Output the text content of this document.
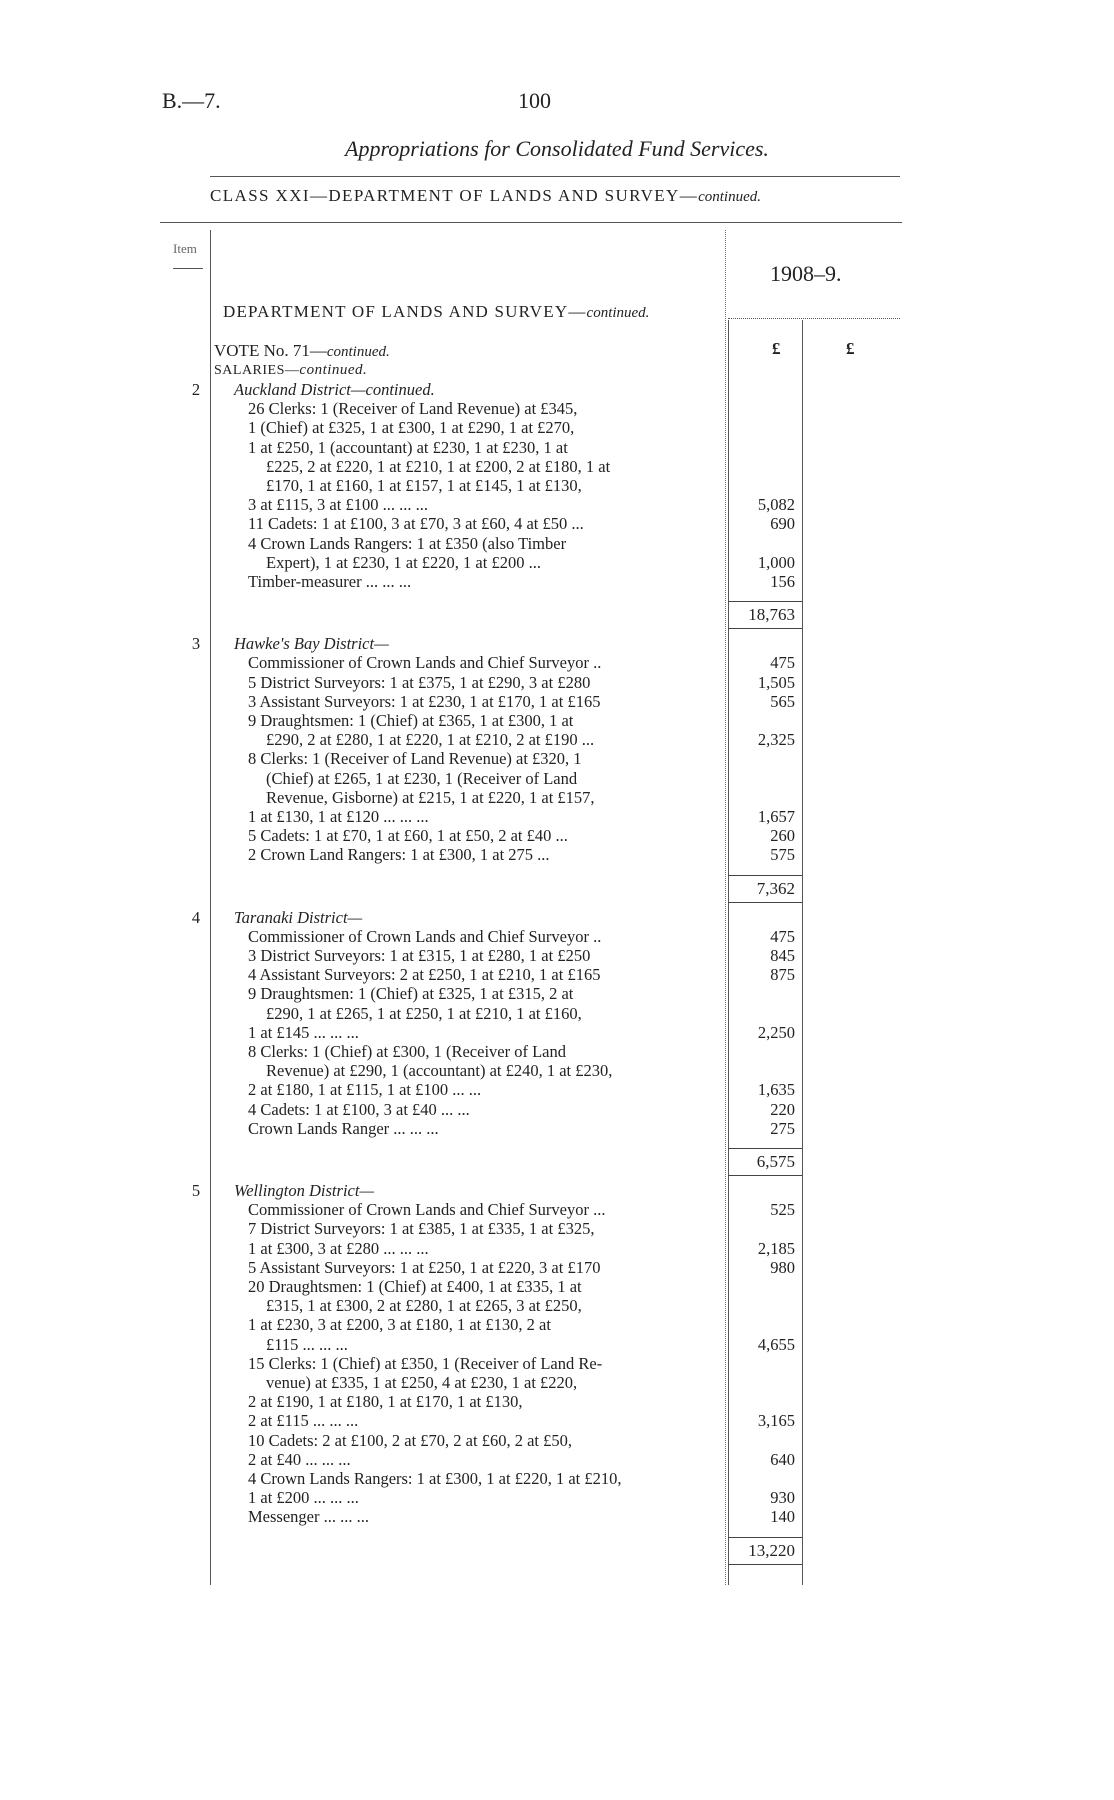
B.—7.	100
Appropriations for Consolidated Fund Services.
CLASS XXI—DEPARTMENT OF LANDS AND SURVEY—continued.
Item
1908–9.
DEPARTMENT OF LANDS AND SURVEY—continued.
£	£
VOTE No. 71—continued.
SALARIES—continued.
2 Auckland District—continued.
26 Clerks: 1 (Receiver of Land Revenue) at £345,
1 (Chief) at £325, 1 at £300, 1 at £290, 1 at £270,
1 at £250, 1 (accountant) at £230, 1 at £230, 1 at
£225, 2 at £220, 1 at £210, 1 at £200, 2 at £180, 1 at
£170, 1 at £160, 1 at £157, 1 at £145, 1 at £130,
3 at £115, 3 at £100 ... ... ...	5,082
11 Cadets: 1 at £100, 3 at £70, 3 at £60, 4 at £50 ...	690
4 Crown Lands Rangers: 1 at £350 (also Timber
Expert), 1 at £230, 1 at £220, 1 at £200 ...	1,000
Timber-measurer ... ... ...	156
18,763
3 Hawke's Bay District—
Commissioner of Crown Lands and Chief Surveyor ..	475
5 District Surveyors: 1 at £375, 1 at £290, 3 at £280	1,505
3 Assistant Surveyors: 1 at £230, 1 at £170, 1 at £165	565
9 Draughtsmen: 1 (Chief) at £365, 1 at £300, 1 at
£290, 2 at £280, 1 at £220, 1 at £210, 2 at £190 ...	2,325
8 Clerks: 1 (Receiver of Land Revenue) at £320, 1
(Chief) at £265, 1 at £230, 1 (Receiver of Land
Revenue, Gisborne) at £215, 1 at £220, 1 at £157,
1 at £130, 1 at £120 ... ... ...	1,657
5 Cadets: 1 at £70, 1 at £60, 1 at £50, 2 at £40 ...	260
2 Crown Land Rangers: 1 at £300, 1 at 275 ...	575
7,362
4 Taranaki District—
Commissioner of Crown Lands and Chief Surveyor ..	475
3 District Surveyors: 1 at £315, 1 at £280, 1 at £250	845
4 Assistant Surveyors: 2 at £250, 1 at £210, 1 at £165	875
9 Draughtsmen: 1 (Chief) at £325, 1 at £315, 2 at
£290, 1 at £265, 1 at £250, 1 at £210, 1 at £160,
1 at £145 ... ... ...	2,250
8 Clerks: 1 (Chief) at £300, 1 (Receiver of Land
Revenue) at £290, 1 (accountant) at £240, 1 at £230,
2 at £180, 1 at £115, 1 at £100 ... ...	1,635
4 Cadets: 1 at £100, 3 at £40 ... ...	220
Crown Lands Ranger ... ... ...	275
6,575
5 Wellington District—
Commissioner of Crown Lands and Chief Surveyor ...	525
7 District Surveyors: 1 at £385, 1 at £335, 1 at £325,
1 at £300, 3 at £280 ... ... ...	2,185
5 Assistant Surveyors: 1 at £250, 1 at £220, 3 at £170	980
20 Draughtsmen: 1 (Chief) at £400, 1 at £335, 1 at
£315, 1 at £300, 2 at £280, 1 at £265, 3 at £250,
1 at £230, 3 at £200, 3 at £180, 1 at £130, 2 at
£115 ... ... ...	4,655
15 Clerks: 1 (Chief) at £350, 1 (Receiver of Land Re-
venue) at £335, 1 at £250, 4 at £230, 1 at £220,
2 at £190, 1 at £180, 1 at £170, 1 at £130,
2 at £115 ... ... ...	3,165
10 Cadets: 2 at £100, 2 at £70, 2 at £60, 2 at £50,
2 at £40 ... ... ...	640
4 Crown Lands Rangers: 1 at £300, 1 at £220, 1 at £210,
1 at £200 ... ... ...	930
Messenger ... ... ...	140
13,220
